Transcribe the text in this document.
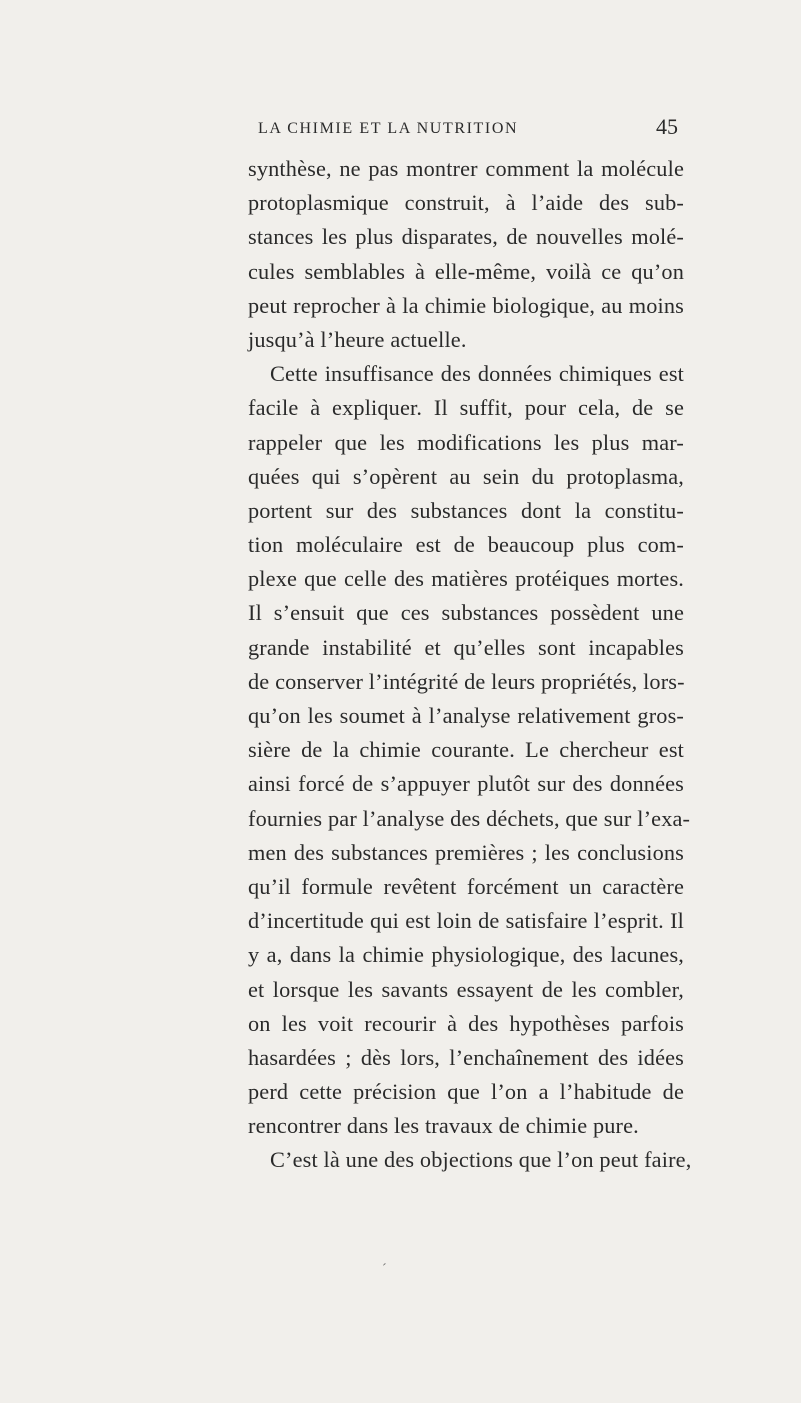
LA CHIMIE ET LA NUTRITION	45
synthèse, ne pas montrer comment la molécule
protoplasmique construit, à l’aide des sub-
stances les plus disparates, de nouvelles molé-
cules semblables à elle-même, voilà ce qu’on
peut reprocher à la chimie biologique, au moins
jusqu’à l’heure actuelle.
Cette insuffisance des données chimiques est
facile à expliquer. Il suffit, pour cela, de se
rappeler que les modifications les plus mar-
quées qui s’opèrent au sein du protoplasma,
portent sur des substances dont la constitu-
tion moléculaire est de beaucoup plus com-
plexe que celle des matières protéiques mortes.
Il s’ensuit que ces substances possèdent une
grande instabilité et qu’elles sont incapables
de conserver l’intégrité de leurs propriétés, lors-
qu’on les soumet à l’analyse relativement gros-
sière de la chimie courante. Le chercheur est
ainsi forcé de s’appuyer plutôt sur des données
fournies par l’analyse des déchets, que sur l’exa-
men des substances premières ; les conclusions
qu’il formule revêtent forcément un caractère
d’incertitude qui est loin de satisfaire l’esprit. Il
y a, dans la chimie physiologique, des lacunes,
et lorsque les savants essayent de les combler,
on les voit recourir à des hypothèses parfois
hasardées ; dès lors, l’enchaînement des idées
perd cette précision que l’on a l’habitude de
rencontrer dans les travaux de chimie pure.
C’est là une des objections que l’on peut faire,
´
